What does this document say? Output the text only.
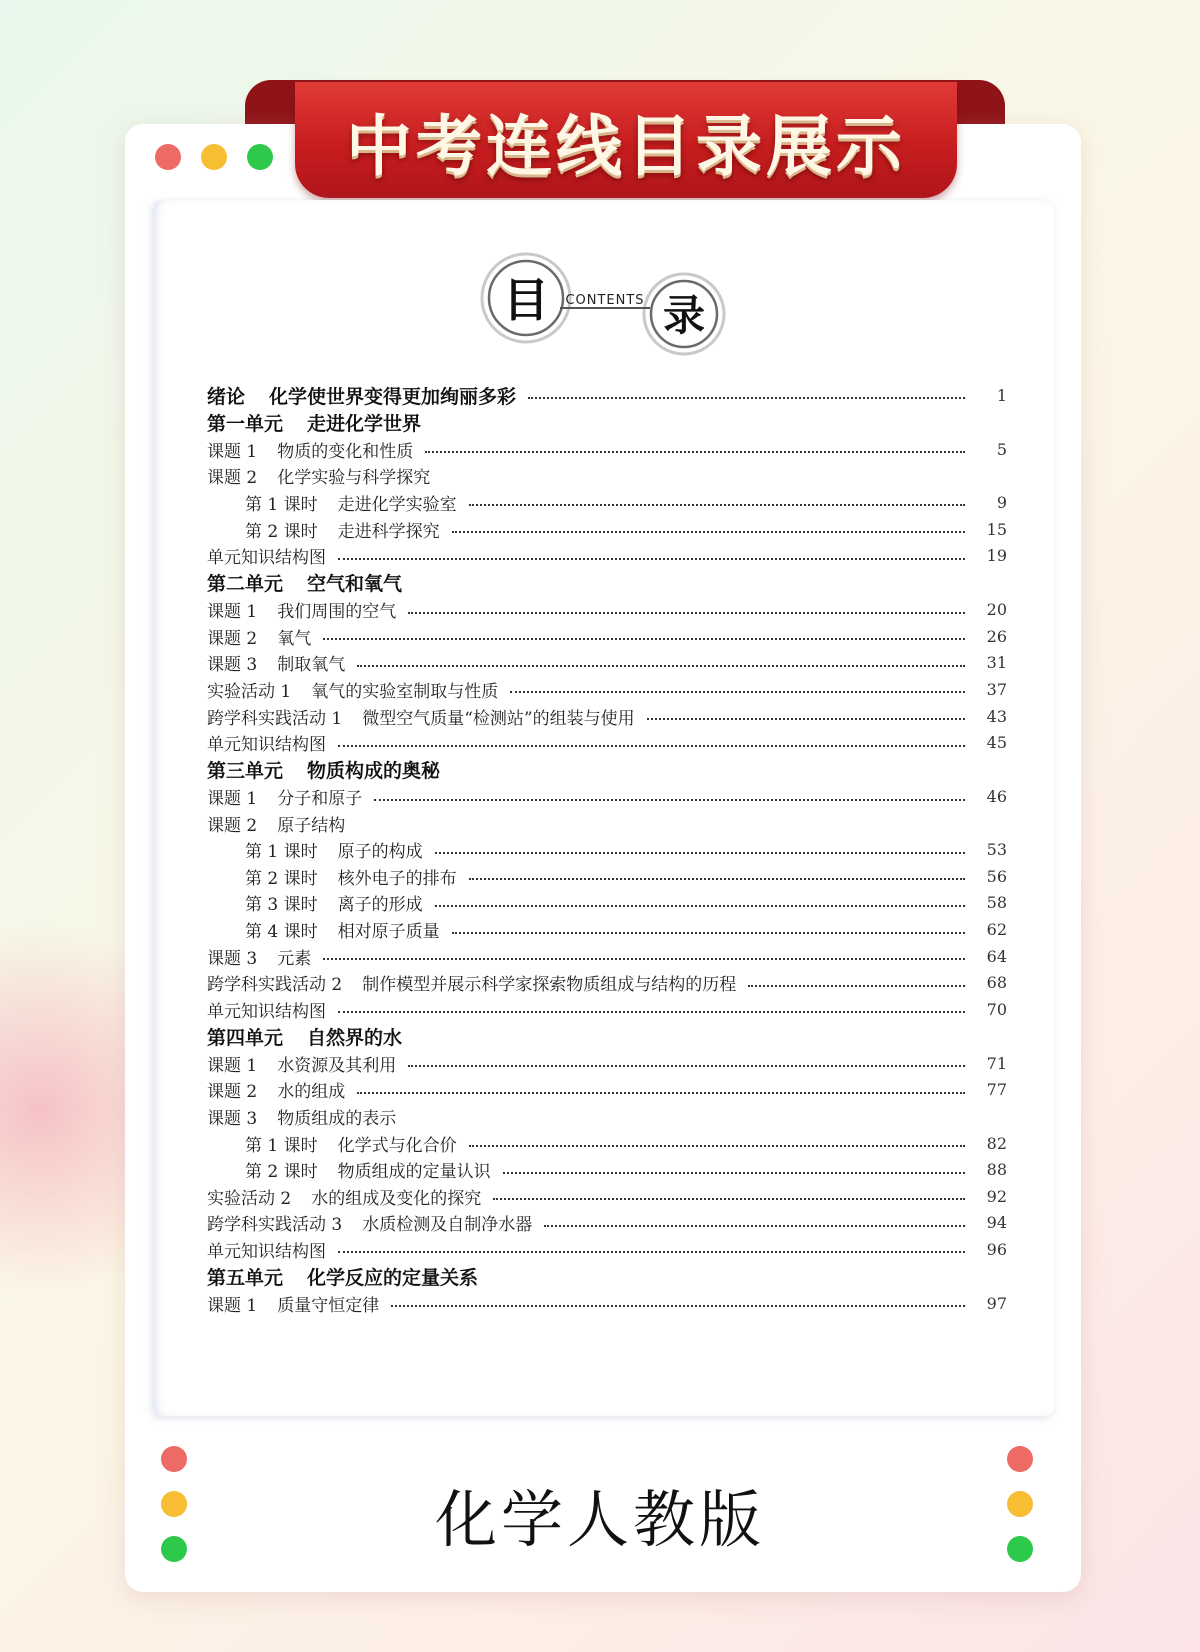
中考连线目录展示
目	录
CONTENTS
绪论 化学使世界变得更加绚丽多彩	1
第一单元 走进化学世界
课题 1 物质的变化和性质	5
课题 2 化学实验与科学探究
第 1 课时 走进化学实验室	9
第 2 课时 走进科学探究	15
单元知识结构图	19
第二单元 空气和氧气
课题 1 我们周围的空气	20
课题 2 氧气	26
课题 3 制取氧气	31
实验活动 1 氧气的实验室制取与性质	37
跨学科实践活动 1 微型空气质量“检测站”的组装与使用	43
单元知识结构图	45
第三单元 物质构成的奥秘
课题 1 分子和原子	46
课题 2 原子结构
第 1 课时 原子的构成	53
第 2 课时 核外电子的排布	56
第 3 课时 离子的形成	58
第 4 课时 相对原子质量	62
课题 3 元素	64
跨学科实践活动 2 制作模型并展示科学家探索物质组成与结构的历程	68
单元知识结构图	70
第四单元 自然界的水
课题 1 水资源及其利用	71
课题 2 水的组成	77
课题 3 物质组成的表示
第 1 课时 化学式与化合价	82
第 2 课时 物质组成的定量认识	88
实验活动 2 水的组成及变化的探究	92
跨学科实践活动 3 水质检测及自制净水器	94
单元知识结构图	96
第五单元 化学反应的定量关系
课题 1 质量守恒定律	97
化学人教版
